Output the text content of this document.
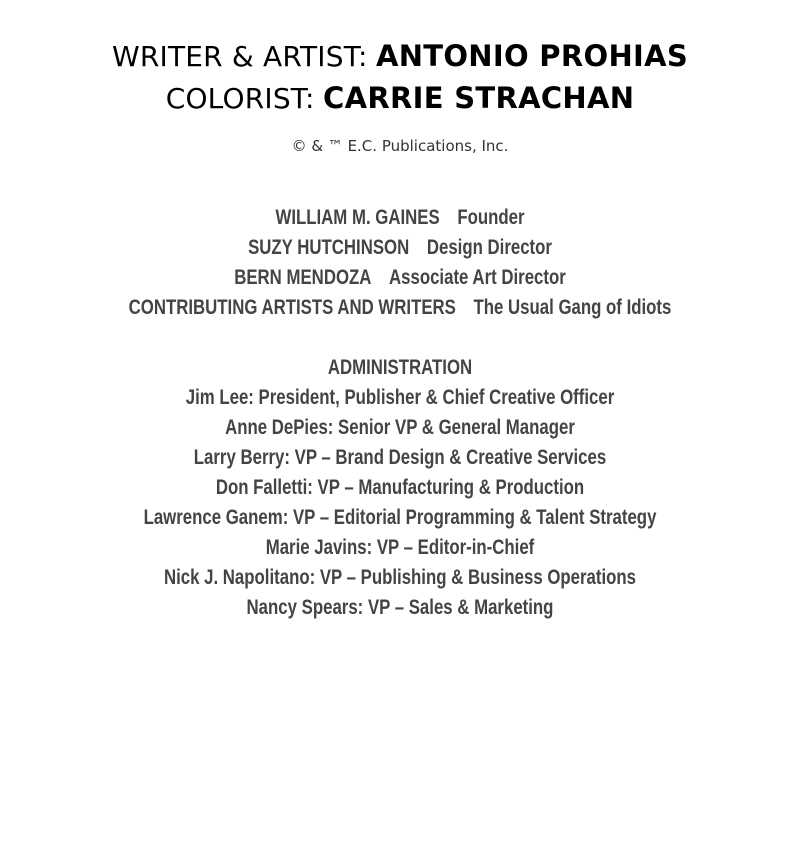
WRITER & ARTIST: ANTONIO PROHIAS
COLORIST: CARRIE STRACHAN
© & ™ E.C. Publications, Inc.
WILLIAM M. GAINES Founder
SUZY HUTCHINSON Design Director
BERN MENDOZA Associate Art Director
CONTRIBUTING ARTISTS AND WRITERS The Usual Gang of Idiots
ADMINISTRATION
Jim Lee: President, Publisher & Chief Creative Officer
Anne DePies: Senior VP & General Manager
Larry Berry: VP – Brand Design & Creative Services
Don Falletti: VP – Manufacturing & Production
Lawrence Ganem: VP – Editorial Programming & Talent Strategy
Marie Javins: VP – Editor-in-Chief
Nick J. Napolitano: VP – Publishing & Business Operations
Nancy Spears: VP – Sales & Marketing
